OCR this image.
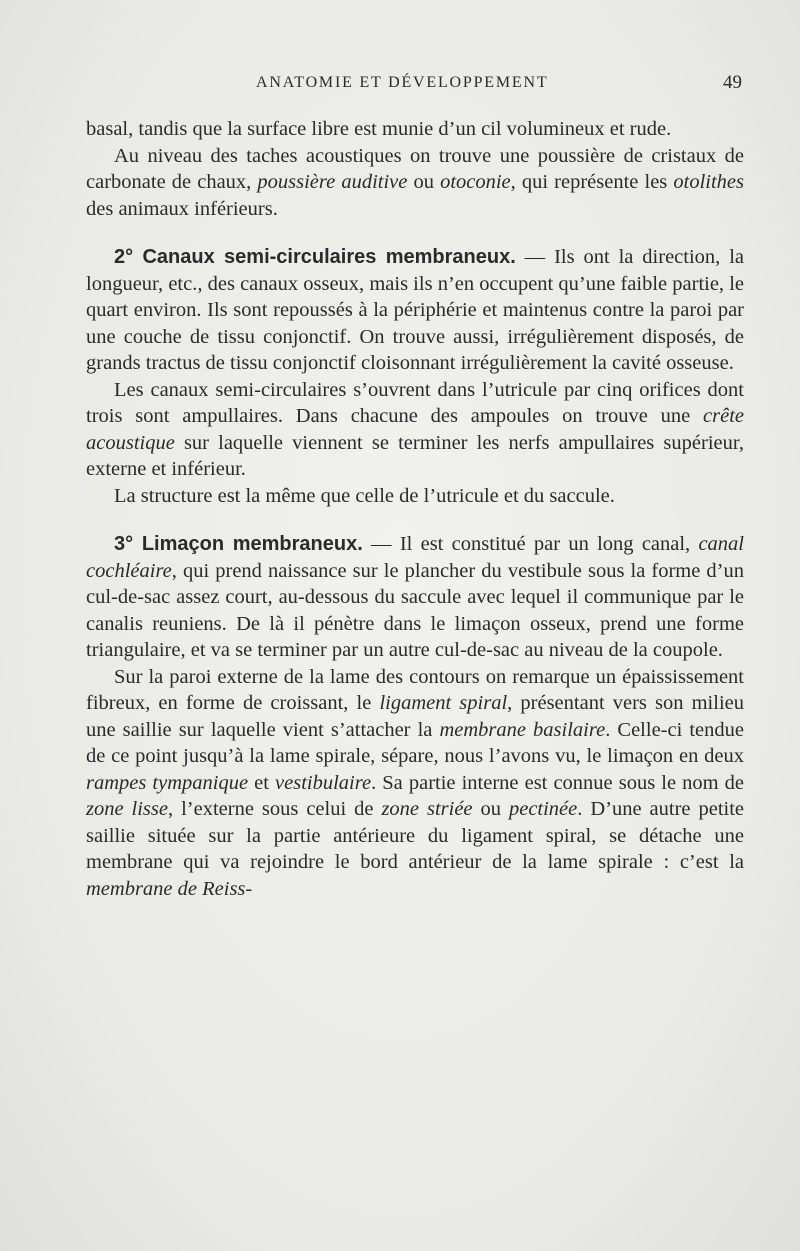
ANATOMIE ET DÉVELOPPEMENT	49

basal, tandis que la surface libre est munie d’un cil volumineux et rude.

Au niveau des taches acoustiques on trouve une poussière de cristaux de carbonate de chaux, poussière auditive ou otoconie, qui représente les otolithes des animaux inférieurs.

2° Canaux semi-circulaires membraneux. — Ils ont la direction, la longueur, etc., des canaux osseux, mais ils n’en occupent qu’une faible partie, le quart environ. Ils sont repoussés à la périphérie et maintenus contre la paroi par une couche de tissu conjonctif. On trouve aussi, irrégulièrement disposés, de grands tractus de tissu conjonctif cloisonnant irrégulièrement la cavité osseuse.

Les canaux semi-circulaires s’ouvrent dans l’utricule par cinq orifices dont trois sont ampullaires. Dans chacune des ampoules on trouve une crête acoustique sur laquelle viennent se terminer les nerfs ampullaires supérieur, externe et inférieur.

La structure est la même que celle de l’utricule et du saccule.

3° Limaçon membraneux. — Il est constitué par un long canal, canal cochléaire, qui prend naissance sur le plancher du vestibule sous la forme d’un cul-de-sac assez court, au-dessous du saccule avec lequel il communique par le canalis reuniens. De là il pénètre dans le limaçon osseux, prend une forme triangulaire, et va se terminer par un autre cul-de-sac au niveau de la coupole.

Sur la paroi externe de la lame des contours on remarque un épaississement fibreux, en forme de croissant, le ligament spiral, présentant vers son milieu une saillie sur laquelle vient s’attacher la membrane basilaire. Celle-ci tendue de ce point jusqu’à la lame spirale, sépare, nous l’avons vu, le limaçon en deux rampes tympanique et vestibulaire. Sa partie interne est connue sous le nom de zone lisse, l’externe sous celui de zone striée ou pectinée. D’une autre petite saillie située sur la partie antérieure du ligament spiral, se détache une membrane qui va rejoindre le bord antérieur de la lame spirale : c’est la membrane de Reiss-
